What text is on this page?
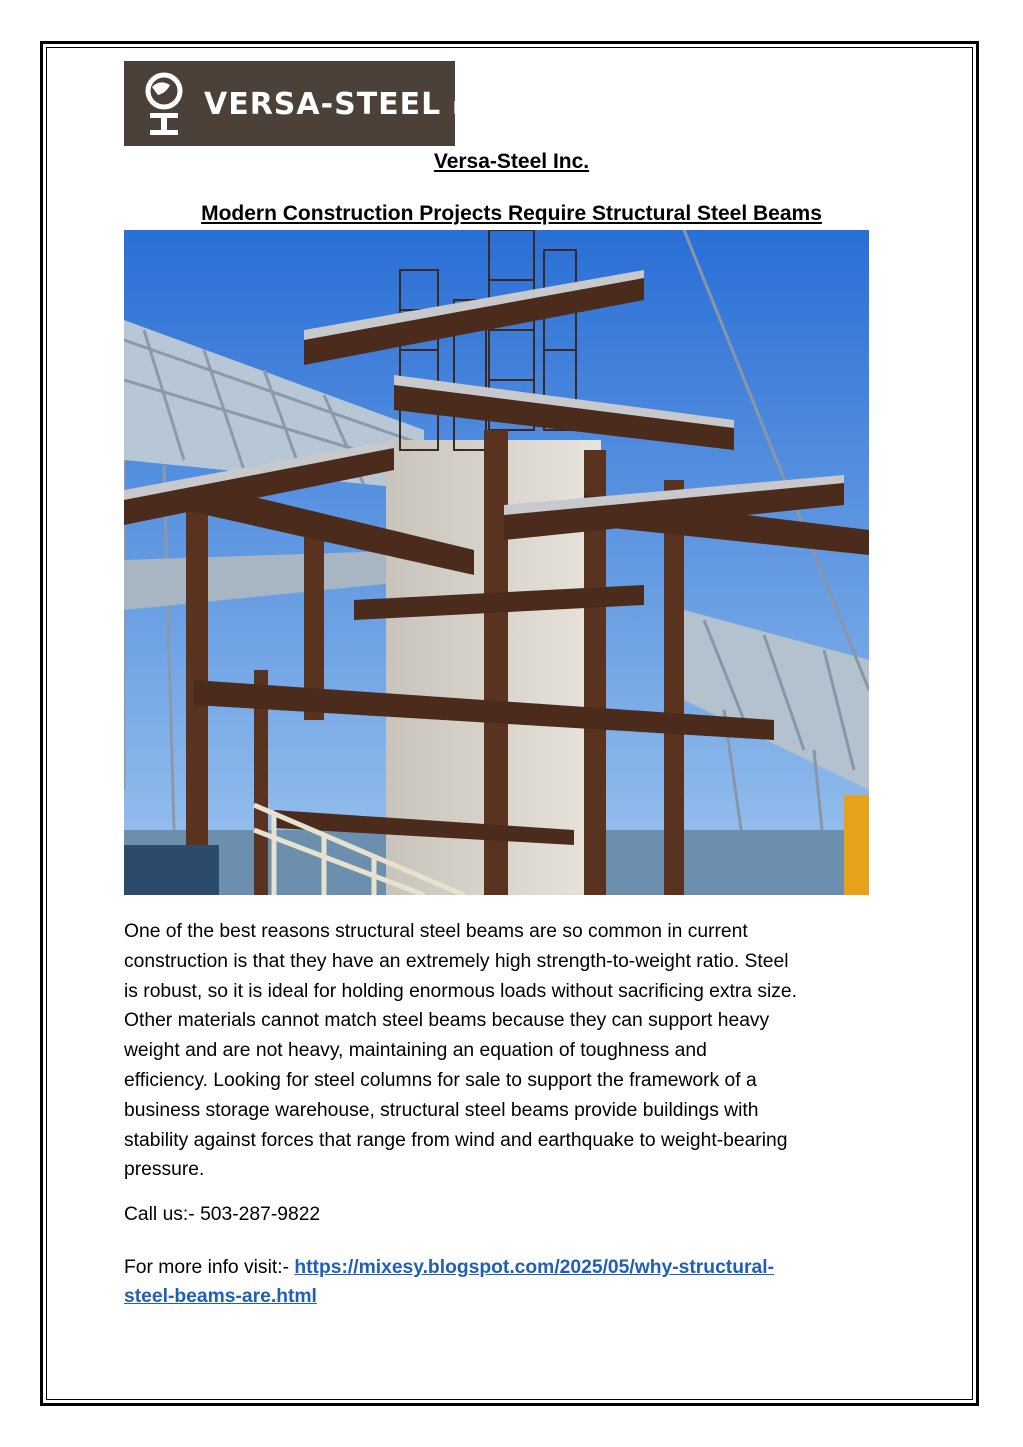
VERSA-STEEL INC.
Versa-Steel Inc.
Modern Construction Projects Require Structural Steel Beams
One of the best reasons structural steel beams are so common in current
construction is that they have an extremely high strength-to-weight ratio. Steel
is robust, so it is ideal for holding enormous loads without sacrificing extra size.
Other materials cannot match steel beams because they can support heavy
weight and are not heavy, maintaining an equation of toughness and
efficiency. Looking for steel columns for sale to support the framework of a
business storage warehouse, structural steel beams provide buildings with
stability against forces that range from wind and earthquake to weight-bearing
pressure.
Call us:- 503-287-9822
For more info visit:- https://mixesy.blogspot.com/2025/05/why-structural-
steel-beams-are.html
